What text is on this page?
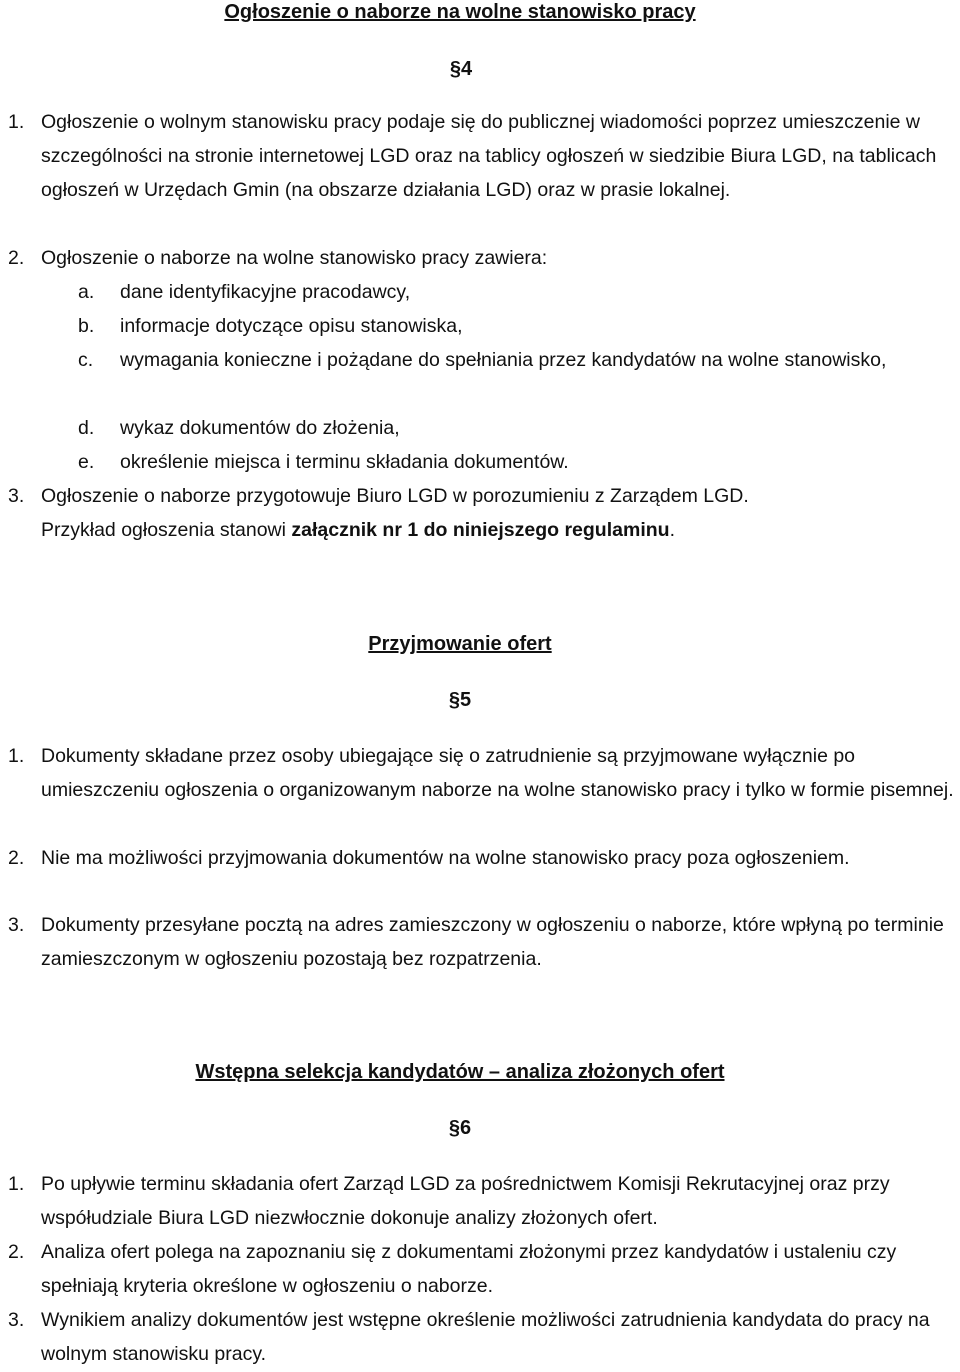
Ogłoszenie o naborze na wolne stanowisko pracy
§4
1. Ogłoszenie o wolnym stanowisku pracy podaje się do publicznej wiadomości poprzez umieszczenie w szczególności na stronie internetowej LGD oraz na tablicy ogłoszeń w siedzibie Biura LGD, na tablicach ogłoszeń w Urzędach Gmin (na obszarze działania LGD) oraz w prasie lokalnej.
2. Ogłoszenie o naborze na wolne stanowisko pracy zawiera:
a.	dane identyfikacyjne pracodawcy,
b.	informacje dotyczące opisu stanowiska,
c.	wymagania konieczne i pożądane do spełniania przez kandydatów na wolne stanowisko,
d.	wykaz dokumentów do złożenia,
e.	określenie miejsca i terminu składania dokumentów.
3. Ogłoszenie o naborze przygotowuje Biuro LGD w porozumieniu z Zarządem LGD.
Przykład ogłoszenia stanowi załącznik nr 1 do niniejszego regulaminu.
Przyjmowanie ofert
§5
1. Dokumenty składane przez osoby ubiegające się o zatrudnienie są przyjmowane wyłącznie po umieszczeniu ogłoszenia o organizowanym naborze na wolne stanowisko pracy i tylko w formie pisemnej.
2. Nie ma możliwości przyjmowania dokumentów na wolne stanowisko pracy poza ogłoszeniem.
3. Dokumenty przesyłane pocztą na adres zamieszczony w ogłoszeniu o naborze, które wpłyną po terminie zamieszczonym w ogłoszeniu pozostają bez rozpatrzenia.
Wstępna selekcja kandydatów – analiza złożonych ofert
§6
1. Po upływie terminu składania ofert Zarząd LGD za pośrednictwem Komisji Rekrutacyjnej oraz przy współudziale Biura LGD niezwłocznie dokonuje analizy złożonych ofert.
2. Analiza ofert polega na zapoznaniu się z dokumentami złożonymi przez kandydatów i ustaleniu czy spełniają kryteria określone w ogłoszeniu o naborze.
3. Wynikiem analizy dokumentów jest wstępne określenie możliwości zatrudnienia kandydata do pracy na wolnym stanowisku pracy.
